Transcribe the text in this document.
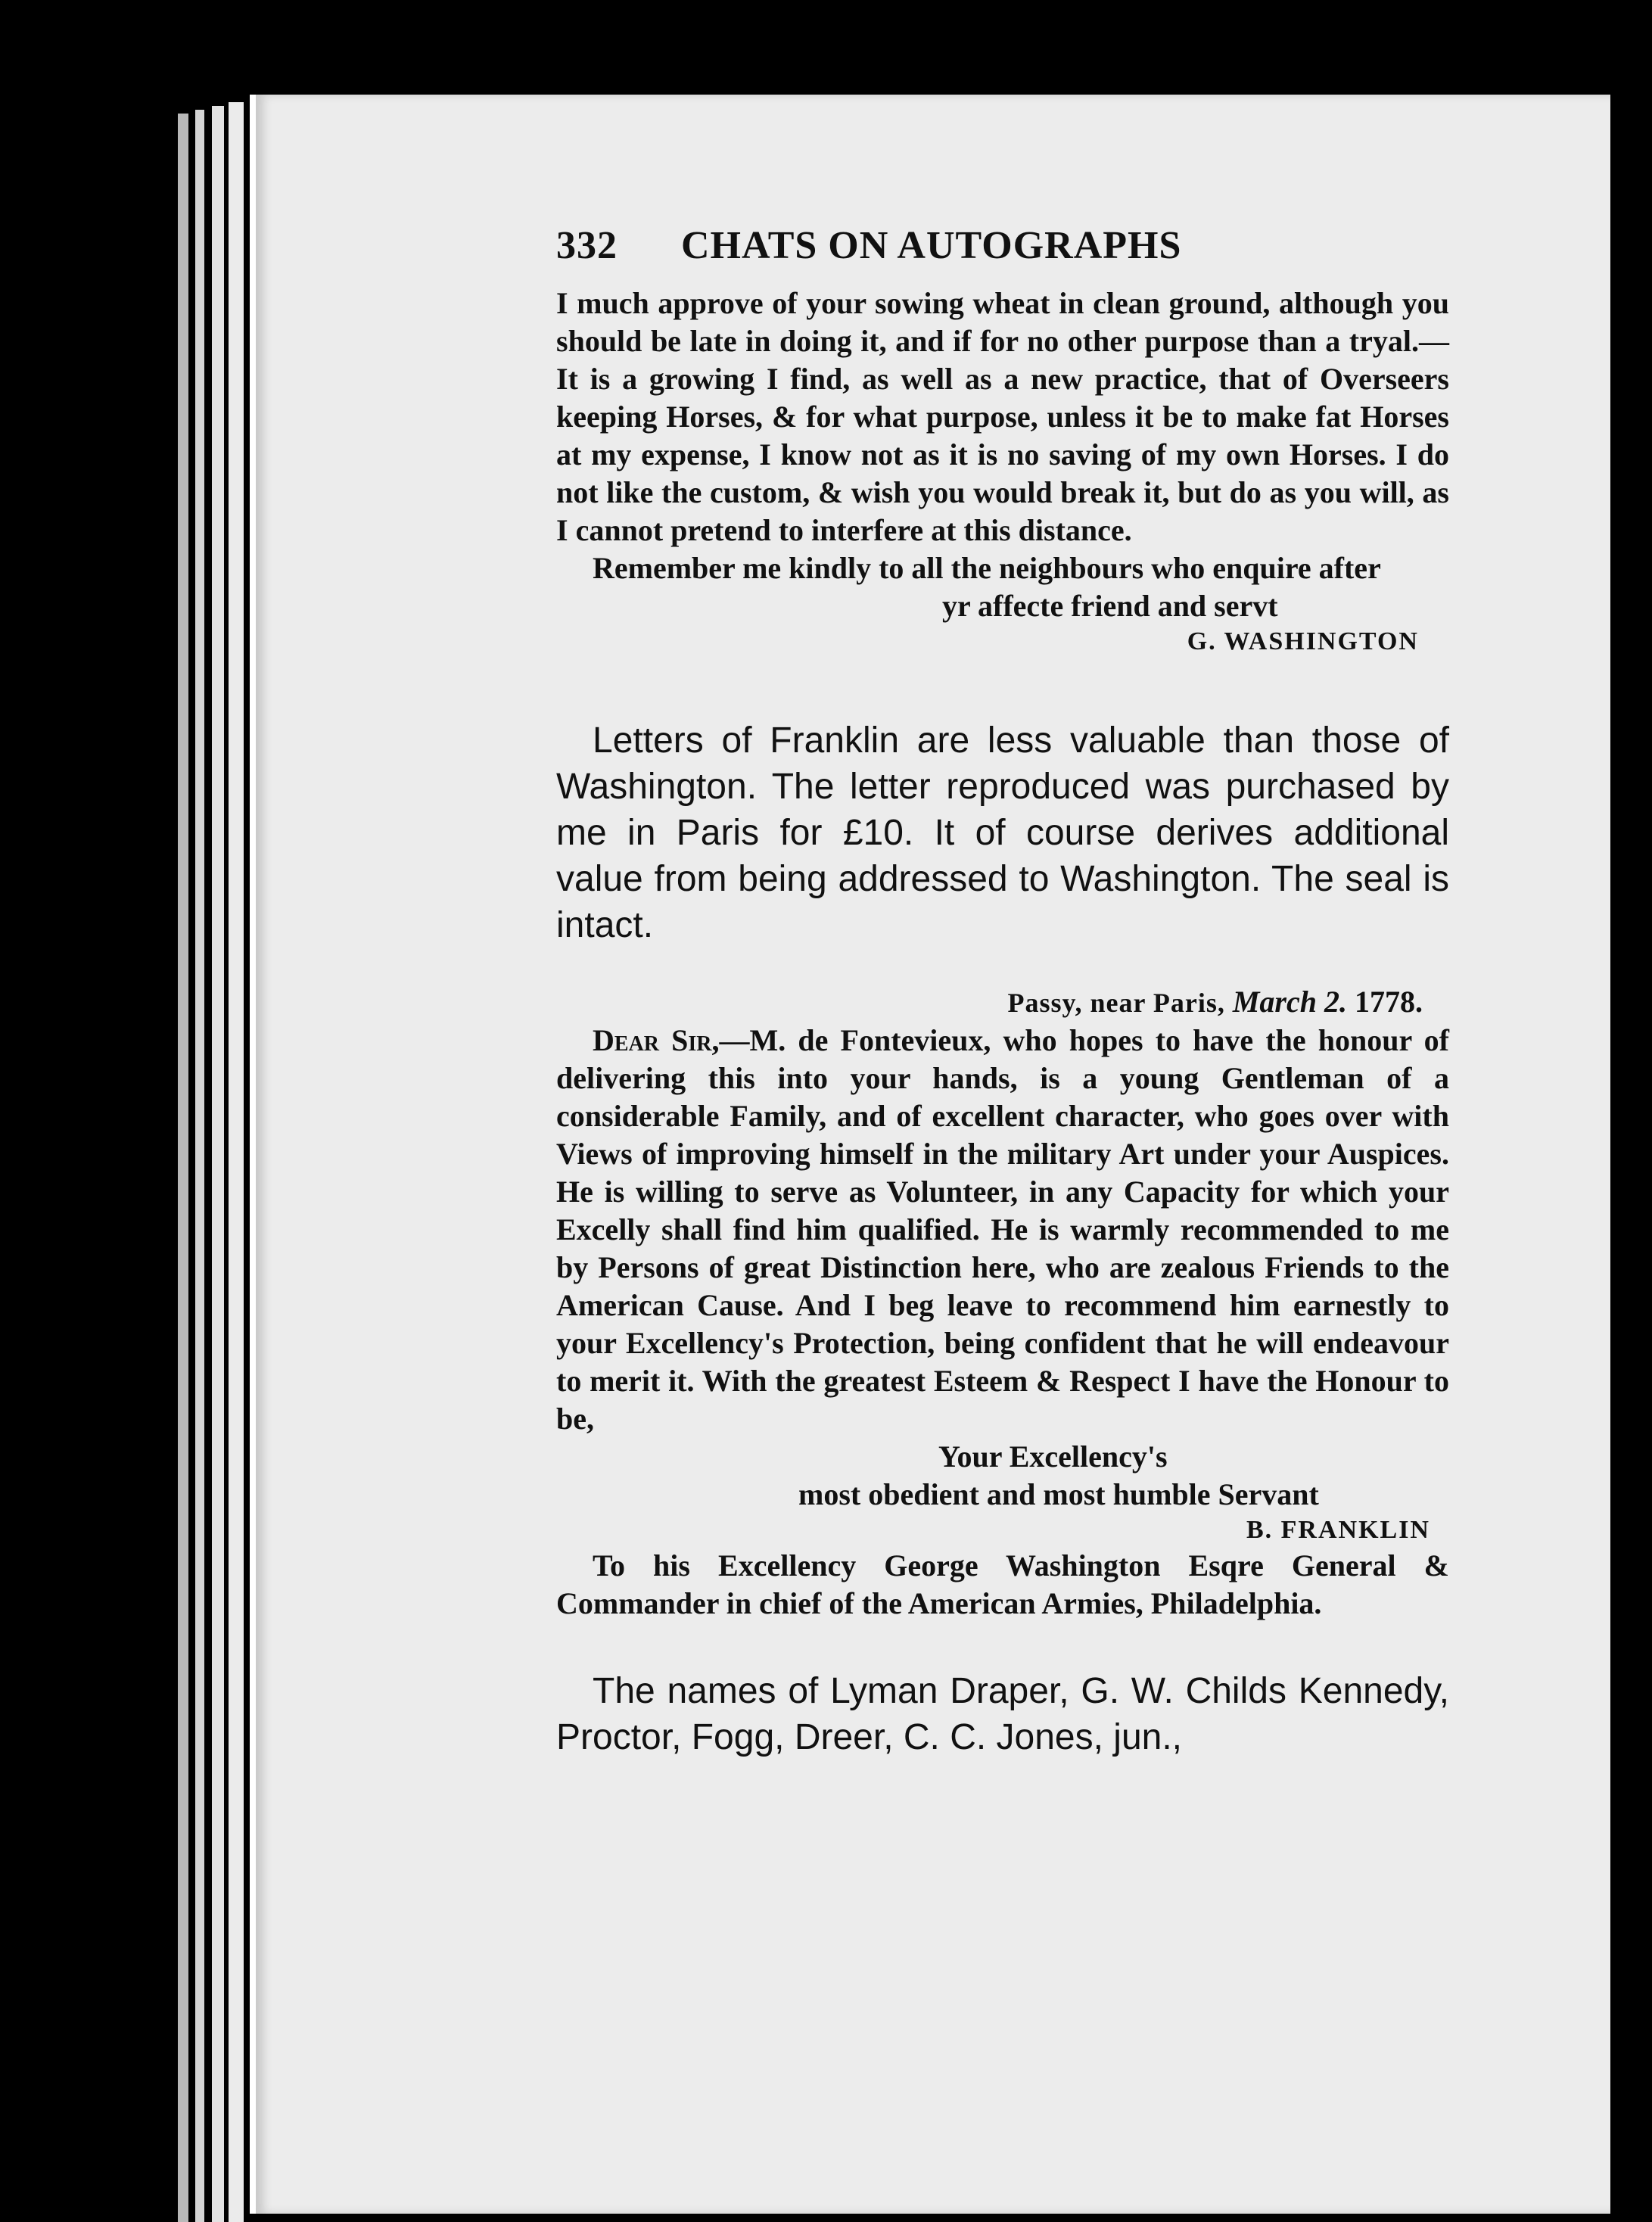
332	CHATS ON AUTOGRAPHS

I much approve of your sowing wheat in clean ground, although you should be late in doing it, and if for no other purpose than a tryal.—It is a growing I find, as well as a new practice, that of Overseers keeping Horses, & for what purpose, unless it be to make fat Horses at my expense, I know not as it is no saving of my own Horses. I do not like the custom, & wish you would break it, but do as you will, as I cannot pretend to interfere at this distance.

Remember me kindly to all the neighbours who enquire after

yr affecte friend and servt
G. WASHINGTON

Letters of Franklin are less valuable than those of Washington. The letter reproduced was purchased by me in Paris for £10. It of course derives additional value from being addressed to Washington. The seal is intact.

Passy, near Paris, March 2. 1778.

Dear Sir,—M. de Fontevieux, who hopes to have the honour of delivering this into your hands, is a young Gentleman of a considerable Family, and of excellent character, who goes over with Views of improving himself in the military Art under your Auspices. He is willing to serve as Volunteer, in any Capacity for which your Excelly shall find him qualified. He is warmly recommended to me by Persons of great Distinction here, who are zealous Friends to the American Cause. And I beg leave to recommend him earnestly to your Excellency's Protection, being confident that he will endeavour to merit it. With the greatest Esteem & Respect I have the Honour to be,

Your Excellency's
most obedient and most humble Servant
B. FRANKLIN

To his Excellency George Washington Esqre General & Commander in chief of the American Armies, Philadelphia.

The names of Lyman Draper, G. W. Childs Kennedy, Proctor, Fogg, Dreer, C. C. Jones, jun.,
